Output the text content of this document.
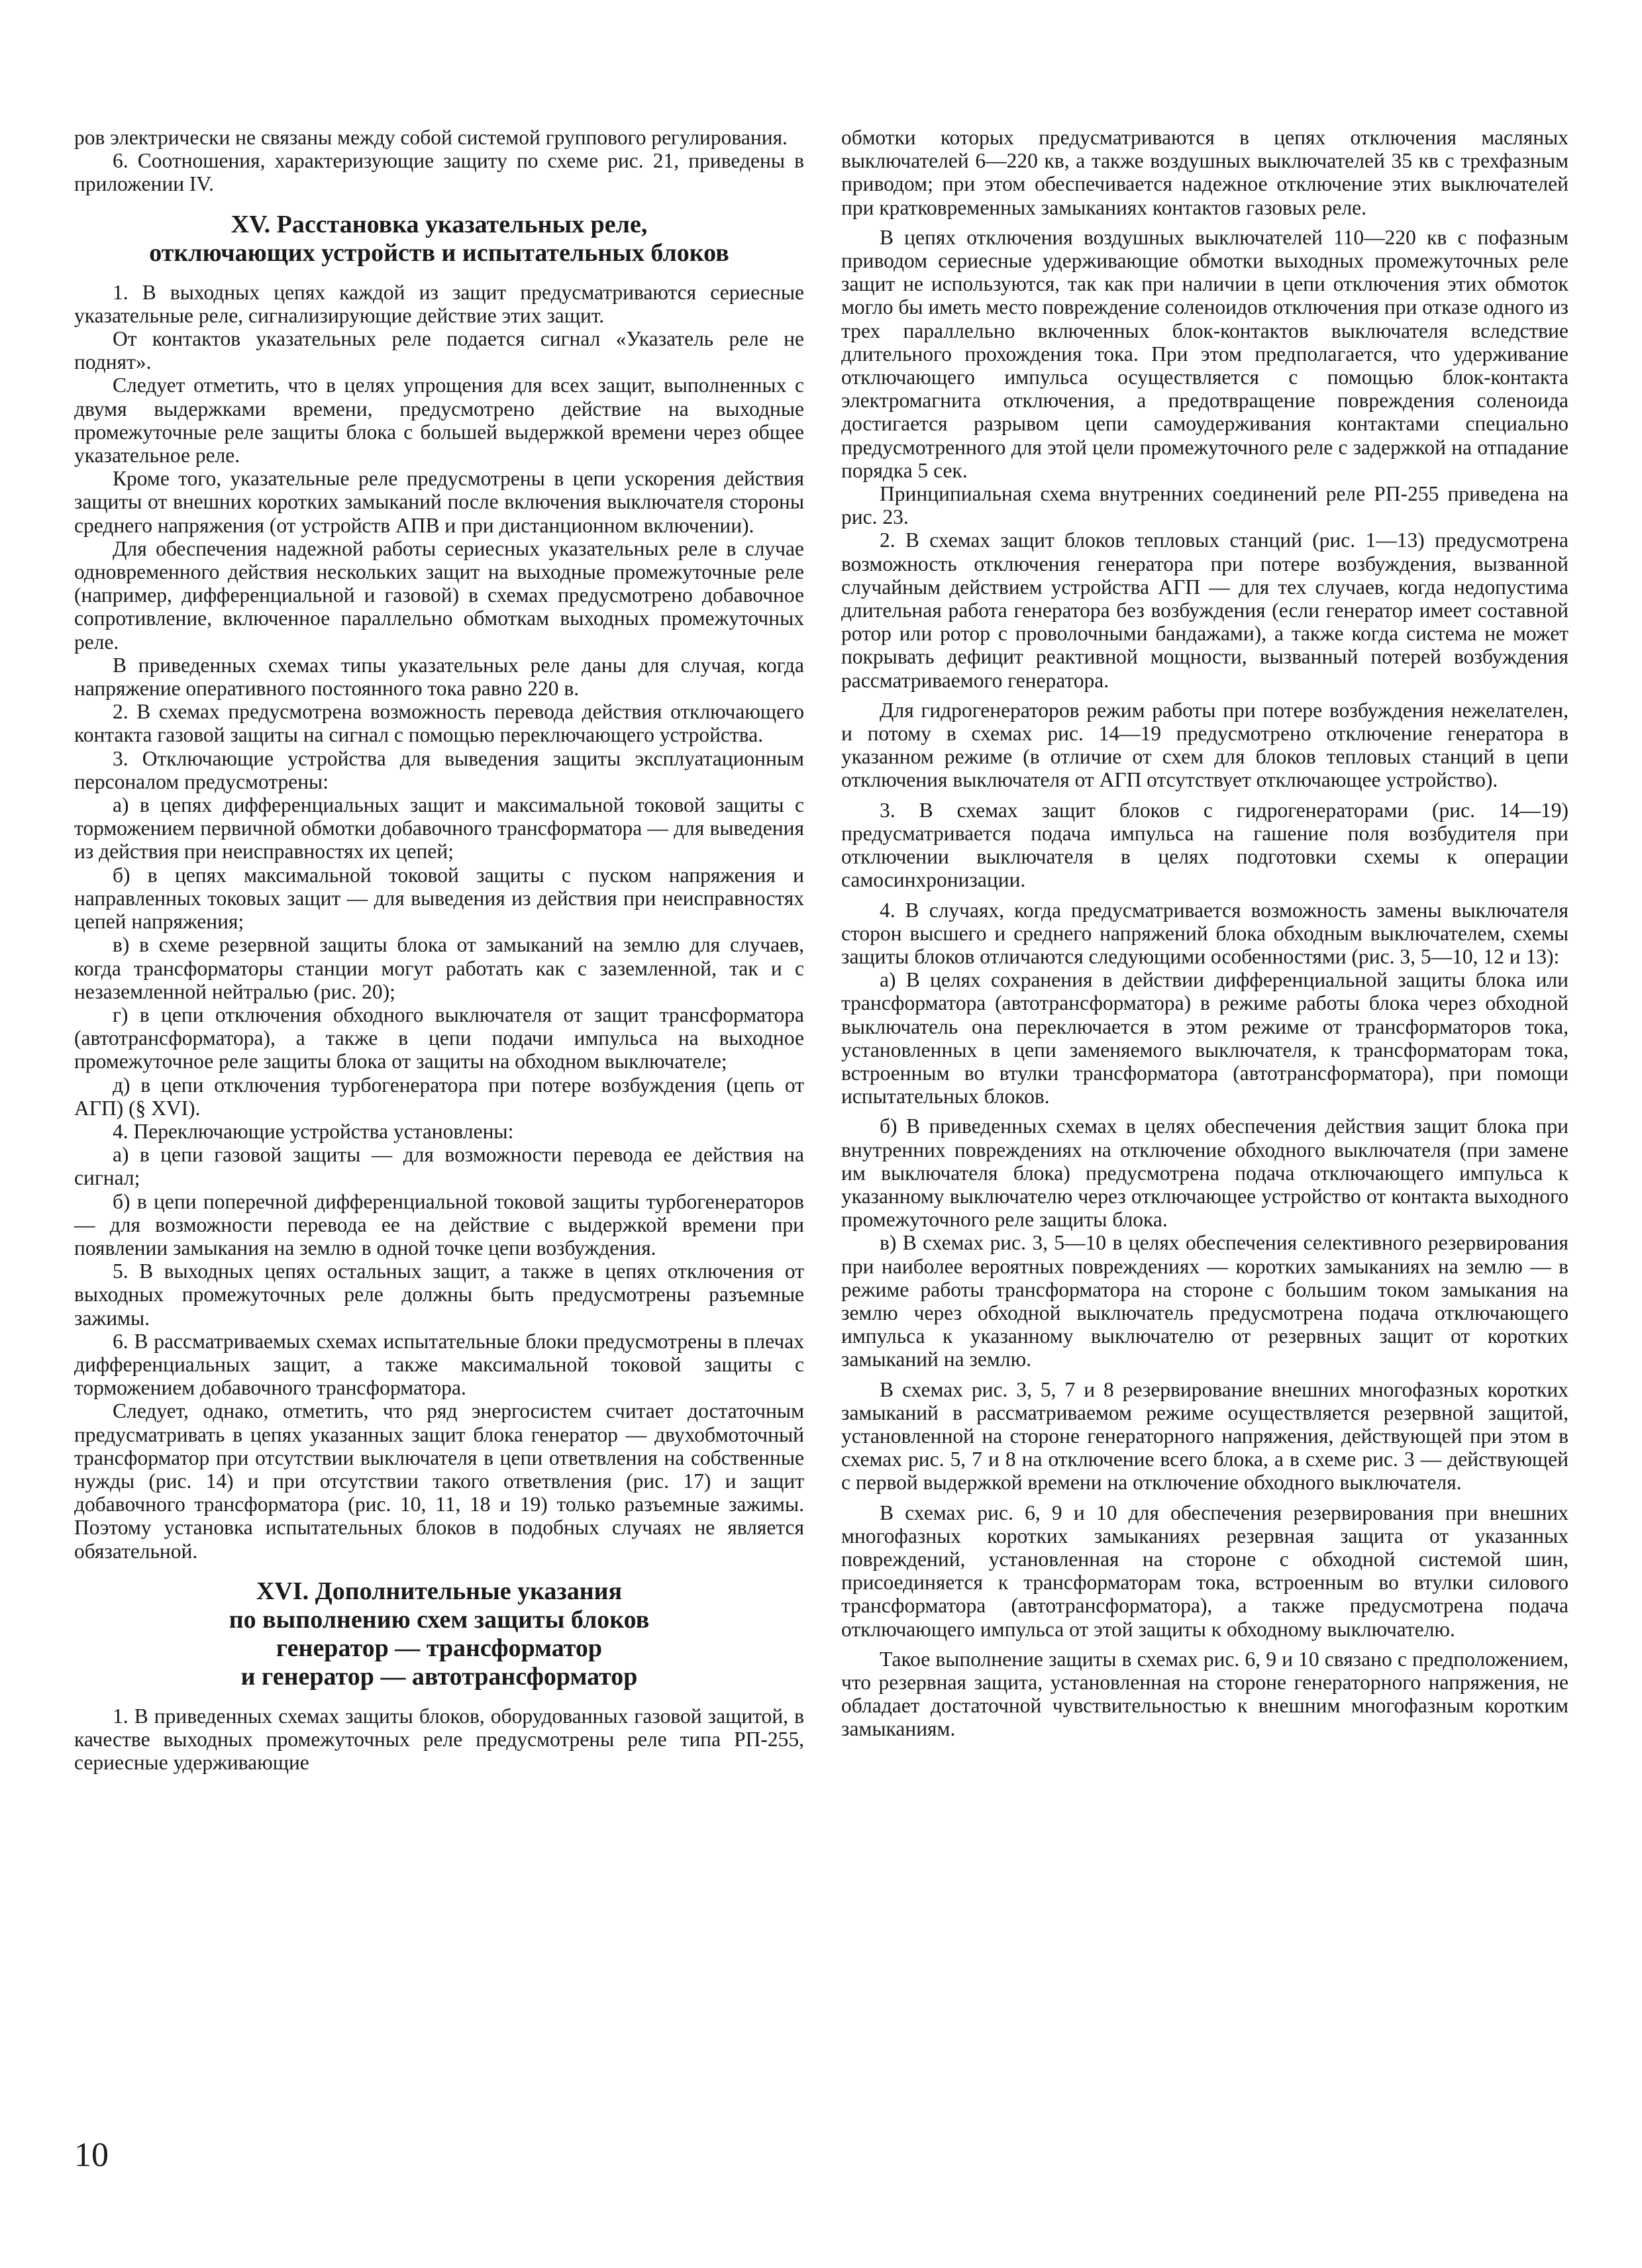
ров электрически не связаны между собой системой группового регулирования.

6. Соотношения, характеризующие защиту по схеме рис. 21, приведены в приложении IV.

XV. Расстановка указательных реле,
отключающих устройств и испытательных блоков

1. В выходных цепях каждой из защит предусматриваются сериесные указательные реле, сигнализирующие действие этих защит.

От контактов указательных реле подается сигнал «Указатель реле не поднят».

Следует отметить, что в целях упрощения для всех защит, выполненных с двумя выдержками времени, предусмотрено действие на выходные промежуточные реле защиты блока с большей выдержкой времени через общее указательное реле.

Кроме того, указательные реле предусмотрены в цепи ускорения действия защиты от внешних коротких замыканий после включения выключателя стороны среднего напряжения (от устройств АПВ и при дистанционном включении).

Для обеспечения надежной работы сериесных указательных реле в случае одновременного действия нескольких защит на выходные промежуточные реле (например, дифференциальной и газовой) в схемах предусмотрено добавочное сопротивление, включенное параллельно обмоткам выходных промежуточных реле.

В приведенных схемах типы указательных реле даны для случая, когда напряжение оперативного постоянного тока равно 220 в.

2. В схемах предусмотрена возможность перевода действия отключающего контакта газовой защиты на сигнал с помощью переключающего устройства.

3. Отключающие устройства для выведения защиты эксплуатационным персоналом предусмотрены:

а) в цепях дифференциальных защит и максимальной токовой защиты с торможением первичной обмотки добавочного трансформатора — для выведения из действия при неисправностях их цепей;

б) в цепях максимальной токовой защиты с пуском напряжения и направленных токовых защит — для выведения из действия при неисправностях цепей напряжения;

в) в схеме резервной защиты блока от замыканий на землю для случаев, когда трансформаторы станции могут работать как с заземленной, так и с незаземленной нейтралью (рис. 20);

г) в цепи отключения обходного выключателя от защит трансформатора (автотрансформатора), а также в цепи подачи импульса на выходное промежуточное реле защиты блока от защиты на обходном выключателе;

д) в цепи отключения турбогенератора при потере возбуждения (цепь от АГП) (§ XVI).

4. Переключающие устройства установлены:

а) в цепи газовой защиты — для возможности перевода ее действия на сигнал;

б) в цепи поперечной дифференциальной токовой защиты турбогенераторов — для возможности перевода ее на действие с выдержкой времени при появлении замыкания на землю в одной точке цепи возбуждения.

5. В выходных цепях остальных защит, а также в цепях отключения от выходных промежуточных реле должны быть предусмотрены разъемные зажимы.

6. В рассматриваемых схемах испытательные блоки предусмотрены в плечах дифференциальных защит, а также максимальной токовой защиты с торможением добавочного трансформатора.

Следует, однако, отметить, что ряд энергосистем считает достаточным предусматривать в цепях указанных защит блока генератор — двухобмоточный трансформатор при отсутствии выключателя в цепи ответвления на собственные нужды (рис. 14) и при отсутствии такого ответвления (рис. 17) и защит добавочного трансформатора (рис. 10, 11, 18 и 19) только разъемные зажимы. Поэтому установка испытательных блоков в подобных случаях не является обязательной.

XVI. Дополнительные указания
по выполнению схем защиты блоков
генератор — трансформатор
и генератор — автотрансформатор

1. В приведенных схемах защиты блоков, оборудованных газовой защитой, в качестве выходных промежуточных реле предусмотрены реле типа РП-255, сериесные удерживающие

обмотки которых предусматриваются в цепях отключения масляных выключателей 6—220 кв, а также воздушных выключателей 35 кв с трехфазным приводом; при этом обеспечивается надежное отключение этих выключателей при кратковременных замыканиях контактов газовых реле.

В цепях отключения воздушных выключателей 110—220 кв с пофазным приводом сериесные удерживающие обмотки выходных промежуточных реле защит не используются, так как при наличии в цепи отключения этих обмоток могло бы иметь место повреждение соленоидов отключения при отказе одного из трех параллельно включенных блок-контактов выключателя вследствие длительного прохождения тока. При этом предполагается, что удерживание отключающего импульса осуществляется с помощью блок-контакта электромагнита отключения, а предотвращение повреждения соленоида достигается разрывом цепи самоудерживания контактами специально предусмотренного для этой цели промежуточного реле с задержкой на отпадание порядка 5 сек.

Принципиальная схема внутренних соединений реле РП-255 приведена на рис. 23.

2. В схемах защит блоков тепловых станций (рис. 1—13) предусмотрена возможность отключения генератора при потере возбуждения, вызванной случайным действием устройства АГП — для тех случаев, когда недопустима длительная работа генератора без возбуждения (если генератор имеет составной ротор или ротор с проволочными бандажами), а также когда система не может покрывать дефицит реактивной мощности, вызванный потерей возбуждения рассматриваемого генератора.

Для гидрогенераторов режим работы при потере возбуждения нежелателен, и потому в схемах рис. 14—19 предусмотрено отключение генератора в указанном режиме (в отличие от схем для блоков тепловых станций в цепи отключения выключателя от АГП отсутствует отключающее устройство).

3. В схемах защит блоков с гидрогенераторами (рис. 14—19) предусматривается подача импульса на гашение поля возбудителя при отключении выключателя в целях подготовки схемы к операции самосинхронизации.

4. В случаях, когда предусматривается возможность замены выключателя сторон высшего и среднего напряжений блока обходным выключателем, схемы защиты блоков отличаются следующими особенностями (рис. 3, 5—10, 12 и 13):

а) В целях сохранения в действии дифференциальной защиты блока или трансформатора (автотрансформатора) в режиме работы блока через обходной выключатель она переключается в этом режиме от трансформаторов тока, установленных в цепи заменяемого выключателя, к трансформаторам тока, встроенным во втулки трансформатора (автотрансформатора), при помощи испытательных блоков.

б) В приведенных схемах в целях обеспечения действия защит блока при внутренних повреждениях на отключение обходного выключателя (при замене им выключателя блока) предусмотрена подача отключающего импульса к указанному выключателю через отключающее устройство от контакта выходного промежуточного реле защиты блока.

в) В схемах рис. 3, 5—10 в целях обеспечения селективного резервирования при наиболее вероятных повреждениях — коротких замыканиях на землю — в режиме работы трансформатора на стороне с большим током замыкания на землю через обходной выключатель предусмотрена подача отключающего импульса к указанному выключателю от резервных защит от коротких замыканий на землю.

В схемах рис. 3, 5, 7 и 8 резервирование внешних многофазных коротких замыканий в рассматриваемом режиме осуществляется резервной защитой, установленной на стороне генераторного напряжения, действующей при этом в схемах рис. 5, 7 и 8 на отключение всего блока, а в схеме рис. 3 — действующей с первой выдержкой времени на отключение обходного выключателя.

В схемах рис. 6, 9 и 10 для обеспечения резервирования при внешних многофазных коротких замыканиях резервная защита от указанных повреждений, установленная на стороне с обходной системой шин, присоединяется к трансформаторам тока, встроенным во втулки силового трансформатора (автотрансформатора), а также предусмотрена подача отключающего импульса от этой защиты к обходному выключателю.

Такое выполнение защиты в схемах рис. 6, 9 и 10 связано с предположением, что резервная защита, установленная на стороне генераторного напряжения, не обладает достаточной чувствительностью к внешним многофазным коротким замыканиям.

10
